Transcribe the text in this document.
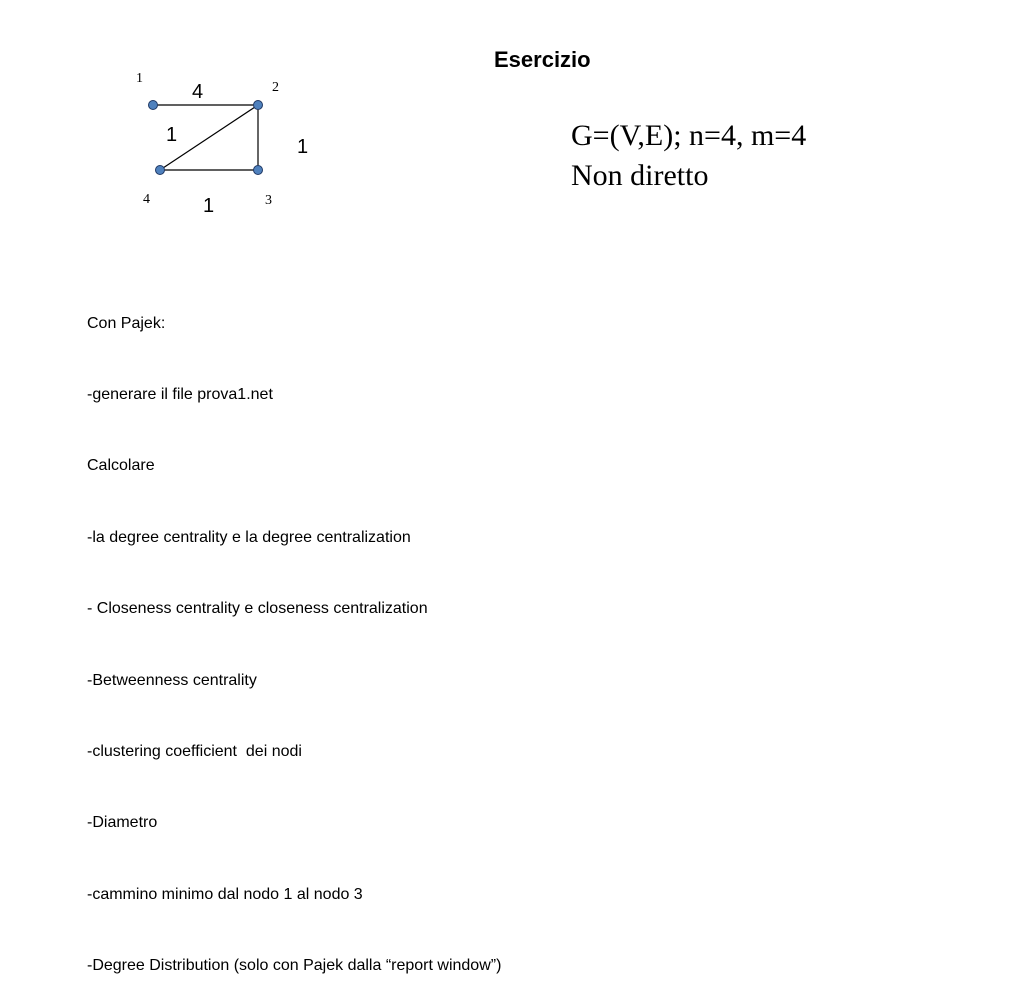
Esercizio
1
2
3
4
4
1
1
1
G=(V,E); n=4, m=4
Non diretto

Con Pajek:

-generare il file prova1.net

Calcolare

-la degree centrality e la degree centralization

- Closeness centrality e closeness centralization

-Betweenness centrality

-clustering coefficient  dei nodi

-Diametro

-cammino minimo dal nodo 1 al nodo 3

-Degree Distribution (solo con Pajek dalla “report window”)
